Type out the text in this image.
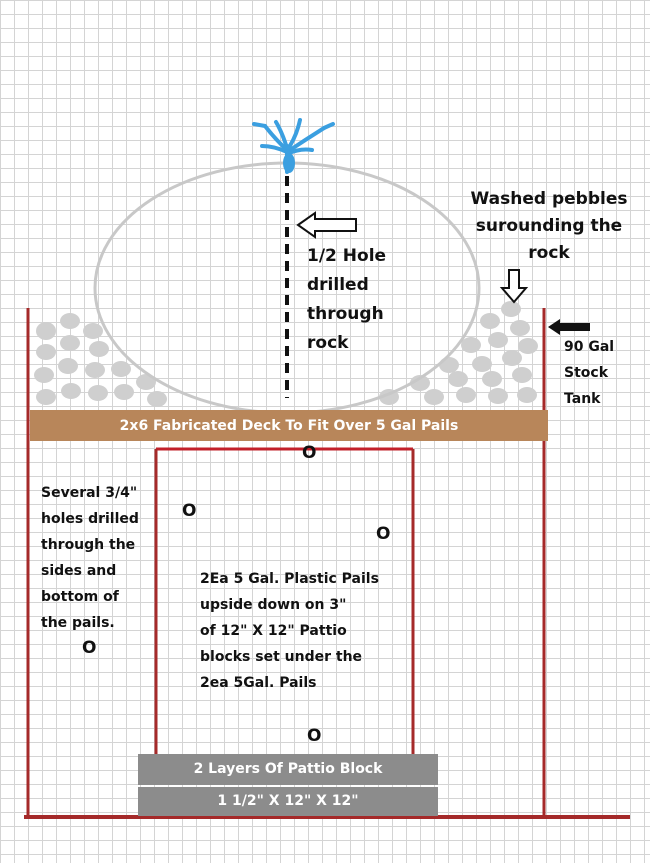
O

O

O

O

O

1/2 Hole
drilled
through
rock
Washed pebbles
surounding the
rock
90 Gal
Stock
Tank

2x6 Fabricated Deck To Fit Over 5 Gal Pails

Several 3/4"
holes drilled
through the
sides and
bottom of
the pails.
2Ea 5 Gal. Plastic Pails
upside down on 3"
of 12" X 12" Pattio
blocks set under the
2ea 5Gal. Pails

2 Layers Of Pattio Block

1 1/2" X 12" X 12"
